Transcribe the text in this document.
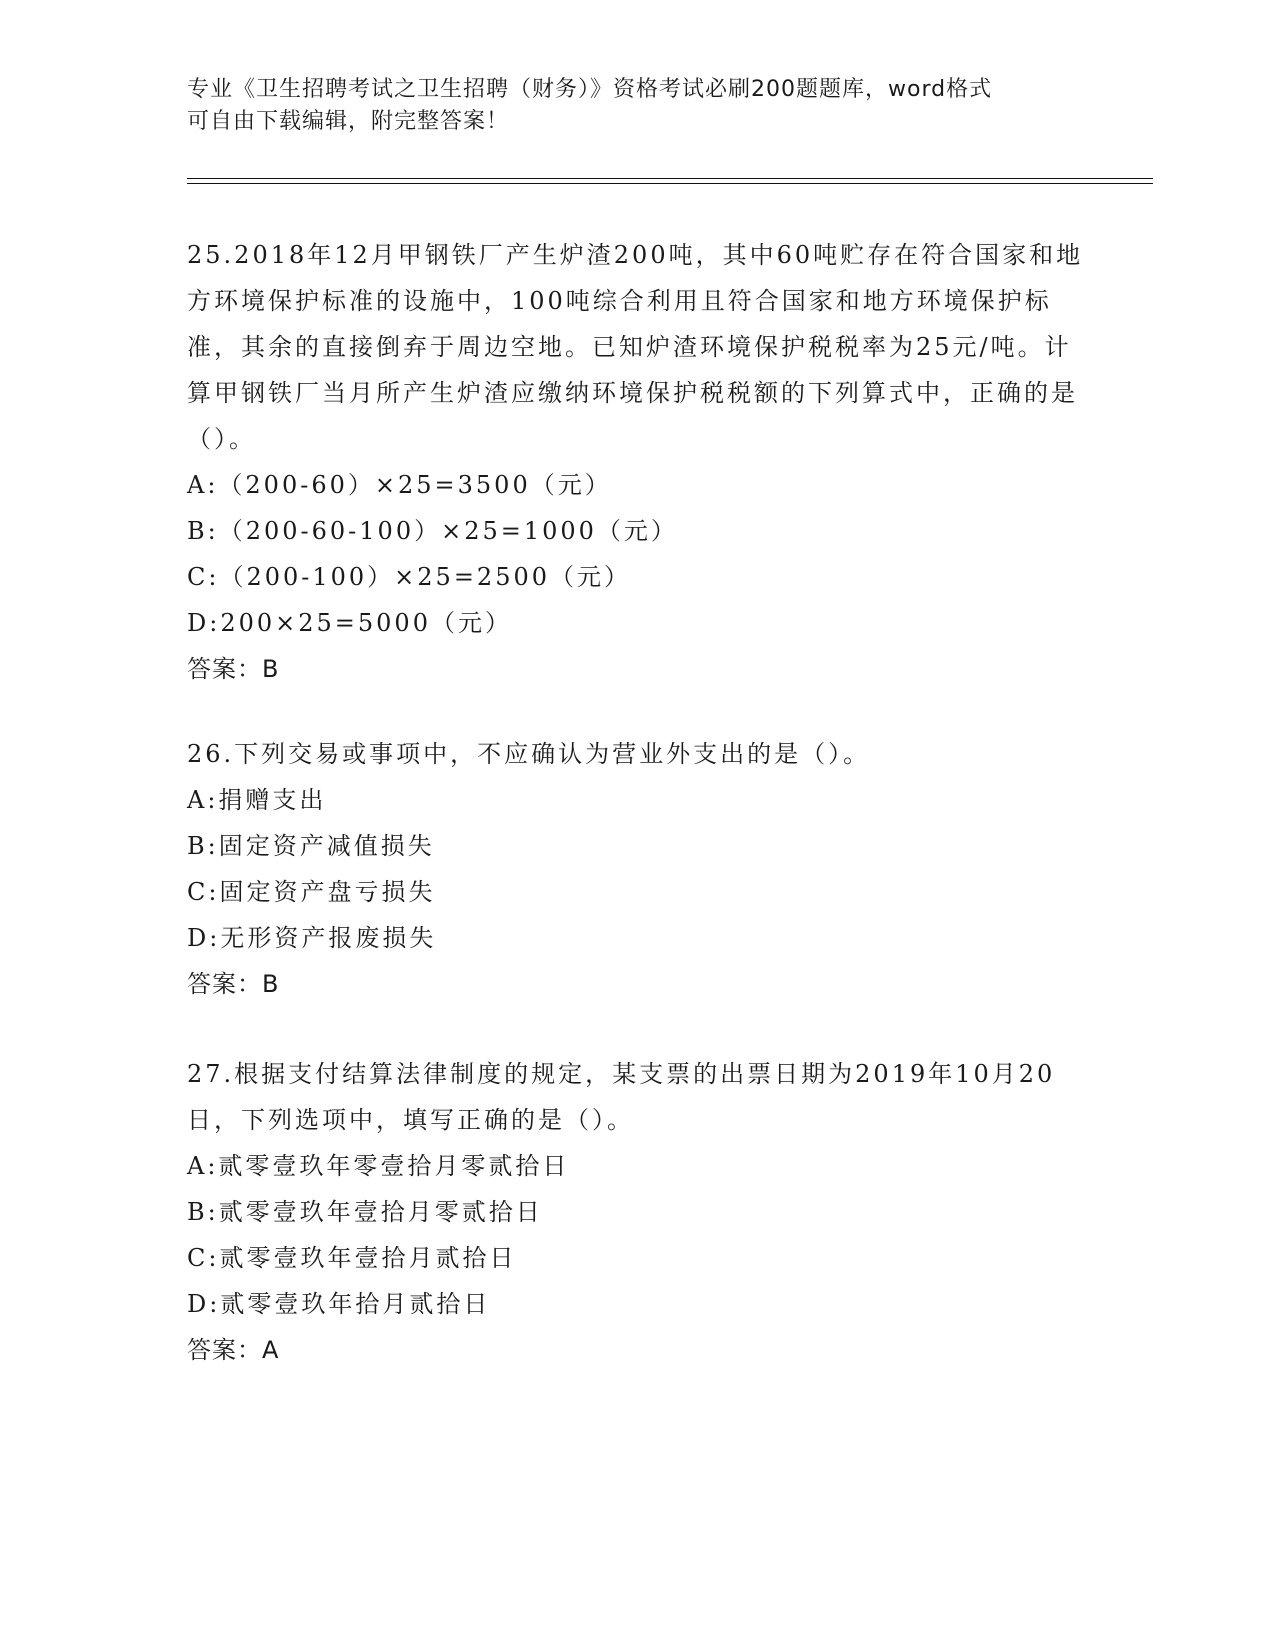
专业《卫生招聘考试之卫生招聘（财务）》资格考试必刷200题题库，word格式
可自由下载编辑，附完整答案！

25.2018年12月甲钢铁厂产生炉渣200吨，其中60吨贮存在符合国家和地方环境保护标准的设施中，100吨综合利用且符合国家和地方环境保护标准，其余的直接倒弃于周边空地。已知炉渣环境保护税税率为25元/吨。计算甲钢铁厂当月所产生炉渣应缴纳环境保护税税额的下列算式中，正确的是（）。

A:（200-60）×25=3500（元）

B:（200-60-100）×25=1000（元）

C:（200-100）×25=2500（元）

D:200×25=5000（元）

答案：B

26.下列交易或事项中，不应确认为营业外支出的是（）。

A:捐赠支出

B:固定资产减值损失

C:固定资产盘亏损失

D:无形资产报废损失

答案：B

27.根据支付结算法律制度的规定，某支票的出票日期为2019年10月20日，下列选项中，填写正确的是（）。

A:贰零壹玖年零壹拾月零贰拾日

B:贰零壹玖年壹拾月零贰拾日

C:贰零壹玖年壹拾月贰拾日

D:贰零壹玖年拾月贰拾日

答案：A
